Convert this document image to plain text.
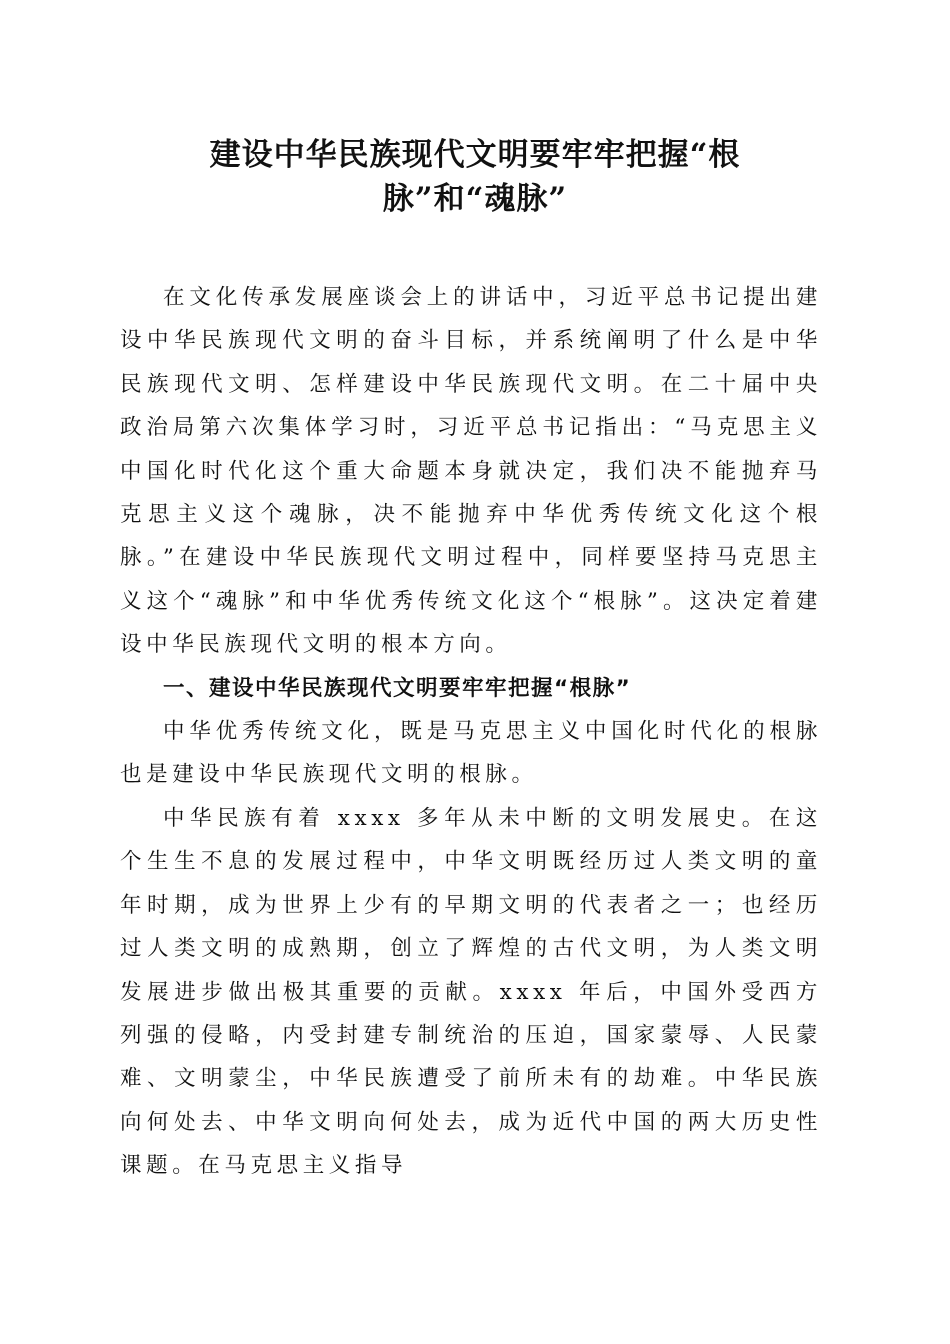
建设中华民族现代文明要牢牢把握“根
脉”和“魂脉”

在文化传承发展座谈会上的讲话中，习近平总书记提出建设中华民族现代文明的奋斗目标，并系统阐明了什么是中华民族现代文明、怎样建设中华民族现代文明。在二十届中央政治局第六次集体学习时，习近平总书记指出：“马克思主义中国化时代化这个重大命题本身就决定，我们决不能抛弃马克思主义这个魂脉，决不能抛弃中华优秀传统文化这个根脉。”在建设中华民族现代文明过程中，同样要坚持马克思主义这个“魂脉”和中华优秀传统文化这个“根脉”。这决定着建设中华民族现代文明的根本方向。

一、建设中华民族现代文明要牢牢把握“根脉”

中华优秀传统文化，既是马克思主义中国化时代化的根脉也是建设中华民族现代文明的根脉。

中华民族有着 xxxx 多年从未中断的文明发展史。在这个生生不息的发展过程中，中华文明既经历过人类文明的童年时期，成为世界上少有的早期文明的代表者之一；也经历过人类文明的成熟期，创立了辉煌的古代文明，为人类文明发展进步做出极其重要的贡献。xxxx 年后，中国外受西方列强的侵略，内受封建专制统治的压迫，国家蒙辱、人民蒙难、文明蒙尘，中华民族遭受了前所未有的劫难。中华民族向何处去、中华文明向何处去，成为近代中国的两大历史性课题。在马克思主义指导
